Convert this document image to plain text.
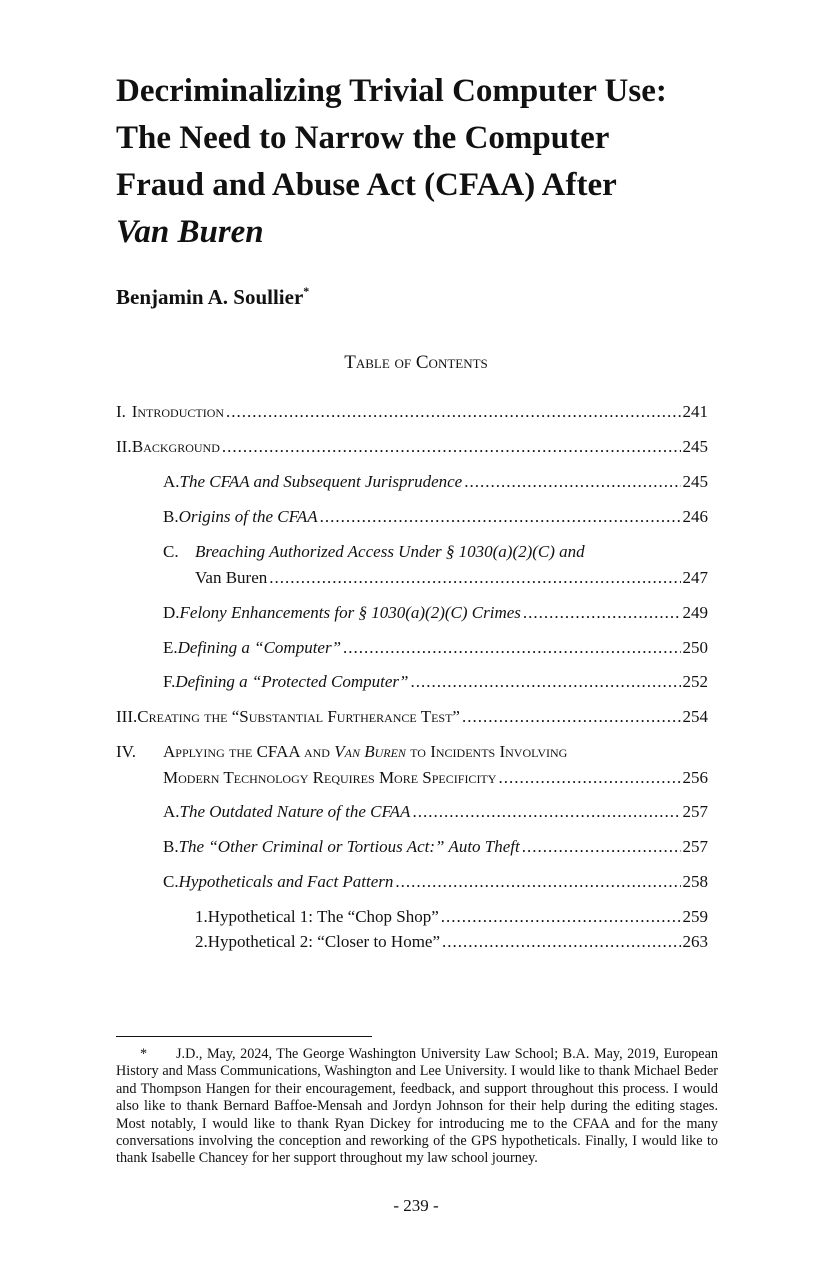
Decriminalizing Trivial Computer Use:
The Need to Narrow the Computer
Fraud and Abuse Act (CFAA) After
Van Buren

Benjamin A. Soullier*

Table of Contents

I. Introduction .....	241
II. Background .....	245
A. The CFAA and Subsequent Jurisprudence .....	245
B. Origins of the CFAA .....	246
C. Breaching Authorized Access Under § 1030(a)(2)(C) and
Van Buren .....	247
D. Felony Enhancements for § 1030(a)(2)(C) Crimes .....	249
E. Defining a “Computer” .....	250
F. Defining a “Protected Computer” .....	252
III. Creating the “Substantial Furtherance Test” .....	254
IV. Applying the CFAA and Van Buren to Incidents Involving
Modern Technology Requires More Specificity .....	256
A. The Outdated Nature of the CFAA .....	257
B. The “Other Criminal or Tortious Act:” Auto Theft .....	257
C. Hypotheticals and Fact Pattern .....	258
1. Hypothetical 1: The “Chop Shop” .....	259
2. Hypothetical 2: “Closer to Home” .....	263

* J.D., May, 2024, The George Washington University Law School; B.A. May, 2019, European History and Mass Communications, Washington and Lee University. I would like to thank Michael Beder and Thompson Hangen for their encouragement, feedback, and support throughout this process. I would also like to thank Bernard Baffoe-Mensah and Jordyn Johnson for their help during the editing stages. Most notably, I would like to thank Ryan Dickey for introducing me to the CFAA and for the many conversations involving the conception and reworking of the GPS hypotheticals. Finally, I would like to thank Isabelle Chancey for her support throughout my law school journey.

- 239 -
